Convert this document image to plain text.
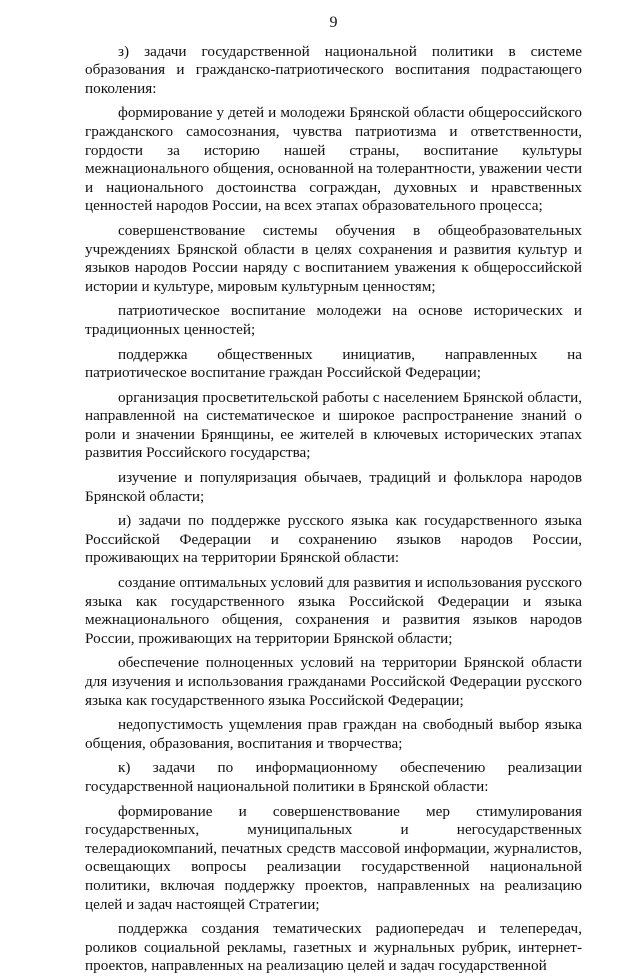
9

з) задачи государственной национальной политики в системе образования и гражданско-патриотического воспитания подрастающего поколения:

формирование у детей и молодежи Брянской области общероссийского гражданского самосознания, чувства патриотизма и ответственности, гордости за историю нашей страны, воспитание культуры межнационального общения, основанной на толерантности, уважении чести и национального достоинства сограждан, духовных и нравственных ценностей народов России, на всех этапах образовательного процесса;

совершенствование системы обучения в общеобразовательных учреждениях Брянской области в целях сохранения и развития культур и языков народов России наряду с воспитанием уважения к общероссийской истории и культуре, мировым культурным ценностям;

патриотическое воспитание молодежи на основе исторических и традиционных ценностей;

поддержка общественных инициатив, направленных на патриотическое воспитание граждан Российской Федерации;

организация просветительской работы с населением Брянской области, направленной на систематическое и широкое распространение знаний о роли и значении Брянщины, ее жителей в ключевых исторических этапах развития Российского государства;

изучение и популяризация обычаев, традиций и фольклора народов Брянской области;

и) задачи по поддержке русского языка как государственного языка Российской Федерации и сохранению языков народов России, проживающих на территории Брянской области:

создание оптимальных условий для развития и использования русского языка как государственного языка Российской Федерации и языка межнационального общения, сохранения и развития языков народов России, проживающих на территории Брянской области;

обеспечение полноценных условий на территории Брянской области для изучения и использования гражданами Российской Федерации русского языка как государственного языка Российской Федерации;

недопустимость ущемления прав граждан на свободный выбор языка общения, образования, воспитания и творчества;

к) задачи по информационному обеспечению реализации государственной национальной политики в Брянской области:

формирование и совершенствование мер стимулирования государственных, муниципальных и негосударственных телерадиокомпаний, печатных средств массовой информации, журналистов, освещающих вопросы реализации государственной национальной политики, включая поддержку проектов, направленных на реализацию целей и задач настоящей Стратегии;

поддержка создания тематических радиопередач и телепередач, роликов социальной рекламы, газетных и журнальных рубрик, интернет-проектов, направленных на реализацию целей и задач государственной
